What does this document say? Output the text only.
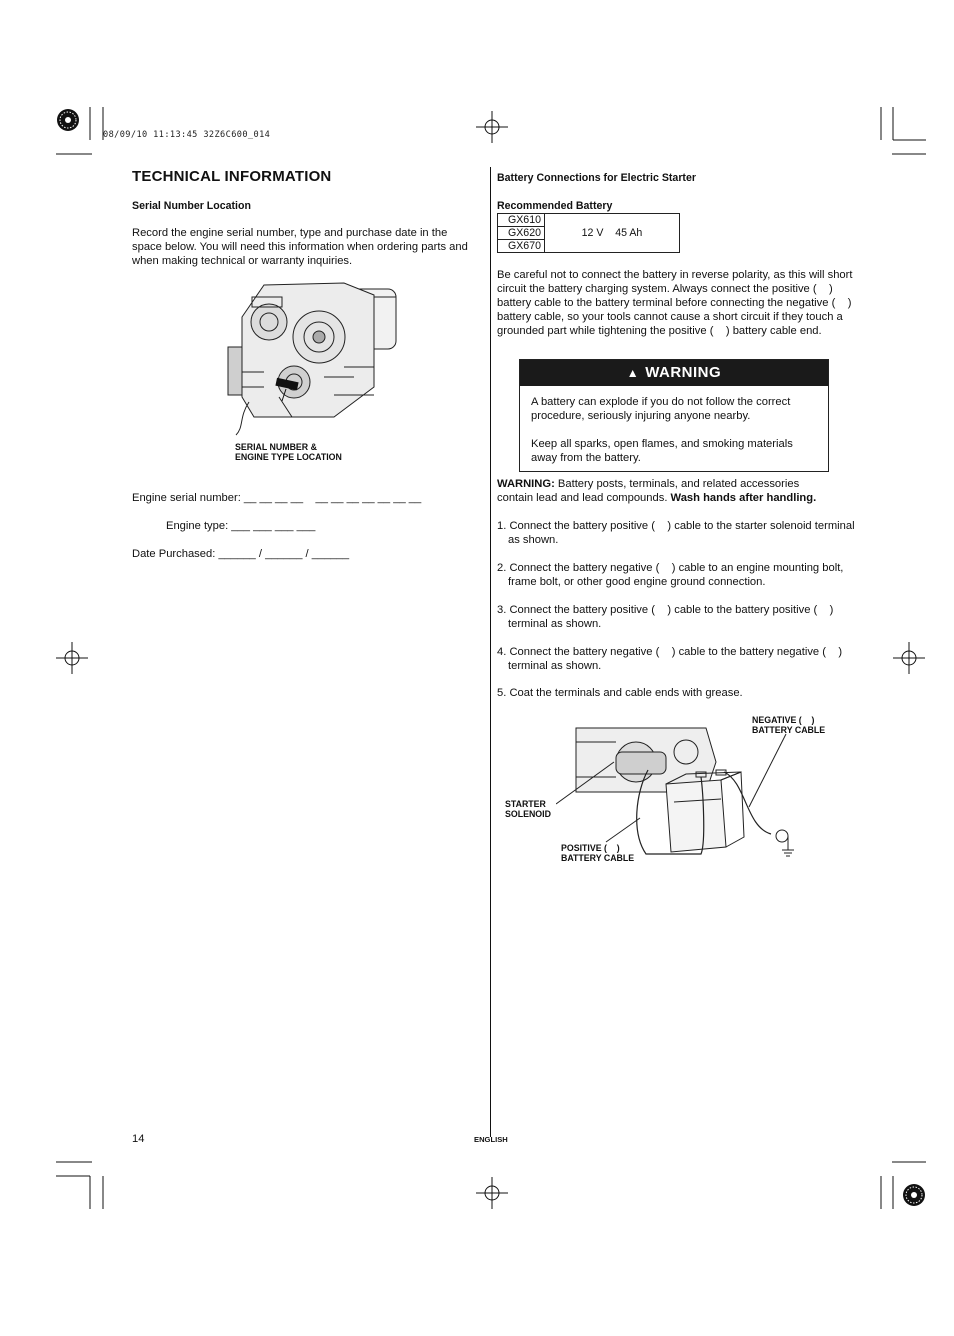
08/09/10 11:13:45 32Z6C600_014
TECHNICAL INFORMATION
Serial Number Location
Record the engine serial number, type and purchase date in the space below. You will need this information when ordering parts and when making technical or warranty inquiries.
SERIAL NUMBER &
ENGINE TYPE LOCATION
Engine serial number: __ __ __ __    __ __ __ __ __ __ __
Engine type: ___ ___ ___ ___
Date Purchased: ______ / ______ / ______
Battery Connections for Electric Starter
Recommended Battery
GX610	12 V    45 Ah
GX620
GX670
Be careful not to connect the battery in reverse polarity, as this will short circuit the battery charging system. Always connect the positive (    ) battery cable to the battery terminal before connecting the negative (    ) battery cable, so your tools cannot cause a short circuit if they touch a grounded part while tightening the positive (    ) battery cable end.
▲ WARNING
A battery can explode if you do not follow the correct procedure, seriously injuring anyone nearby.
Keep all sparks, open flames, and smoking materials away from the battery.
WARNING: Battery posts, terminals, and related accessories contain lead and lead compounds. Wash hands after handling.
1. Connect the battery positive (    ) cable to the starter solenoid terminal as shown.
2. Connect the battery negative (    ) cable to an engine mounting bolt, frame bolt, or other good engine ground connection.
3. Connect the battery positive (    ) cable to the battery positive (    ) terminal as shown.
4. Connect the battery negative (    ) cable to the battery negative (    ) terminal as shown.
5. Coat the terminals and cable ends with grease.
NEGATIVE (    )
BATTERY CABLE
STARTER
SOLENOID
POSITIVE (    )
BATTERY CABLE
14	ENGLISH
